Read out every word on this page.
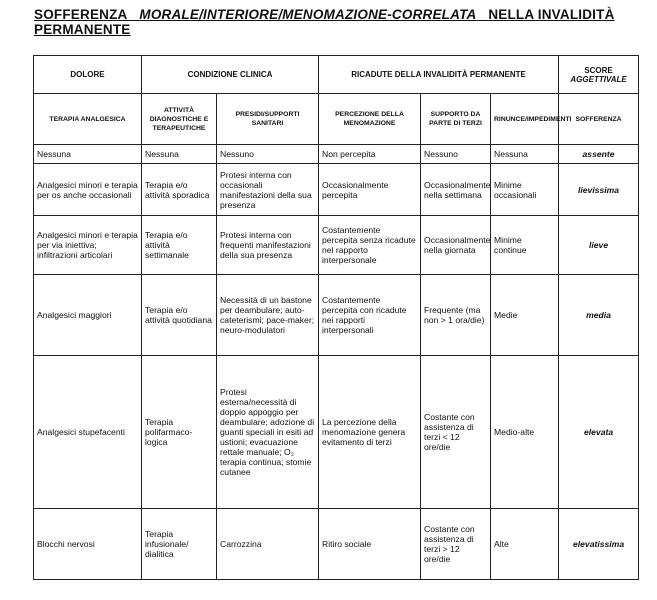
SOFFERENZA MORALE/INTERIORE/MENOMAZIONE-CORRELATA NELLA INVALIDITÀ PERMANENTE
DOLORE	CONDIZIONE CLINICA		RICADUTE DELLA INVALIDITÀ PERMANENTE			SCORE
AGGETTIVALE
TERAPIA ANALGESICA	ATTIVITÀ DIAGNOSTICHE E TERAPEUTICHE	PRESIDI/SUPPORTI SANITARI	PERCEZIONE DELLA MENOMAZIONE	SUPPORTO DA PARTE DI TERZI	RINUNCE/IMPEDIMENTI	SOFFERENZA
Nessuna	Nessuna	Nessuno	Non percepita	Nessuno	Nessuna	assente
Analgesici minori e terapia per os anche occasionali	Terapia e/o attività sporadica	Protesi interna con occasionali manifestazioni della sua presenza	Occasionalmente percepita	Occasionalmente nella settimana	Minime occasionali	lievissima
Analgesici minori e terapia per via iniettiva; infiltrazioni articolari	Terapia e/o attività settimanale	Protesi interna con frequenti manifestazioni della sua presenza	Costantemente percepita senza ricadute nel rapporto interpersonale	Occasionalmente nella giornata	Minime continue	lieve
Analgesici maggiori	Terapia e/o attività quotidiana	Necessità di un bastone per deambulare; auto-cateterismi; pace-maker; neuro-modulatori	Costantemente percepita con ricadute nei rapporti interpersonali	Frequente (ma non > 1 ora/die)	Medie	media
Analgesici stupefacenti	Terapia polifarmaco-logica	Protesi esterna/necessità di doppio appoggio per deambulare; adozione di guanti speciali in esiti ad ustioni; evacuazione rettale manuale; O₂ terapia continua; stomie cutanee	La percezione della menomazione genera evitamento di terzi	Costante con assistenza di terzi < 12 ore/die	Medio-alte	elevata
Blocchi nervosi	Terapia infusionale/ dialitica	Carrozzina	Ritiro sociale	Costante con assistenza di terzi > 12 ore/die	Alte	elevatissima
